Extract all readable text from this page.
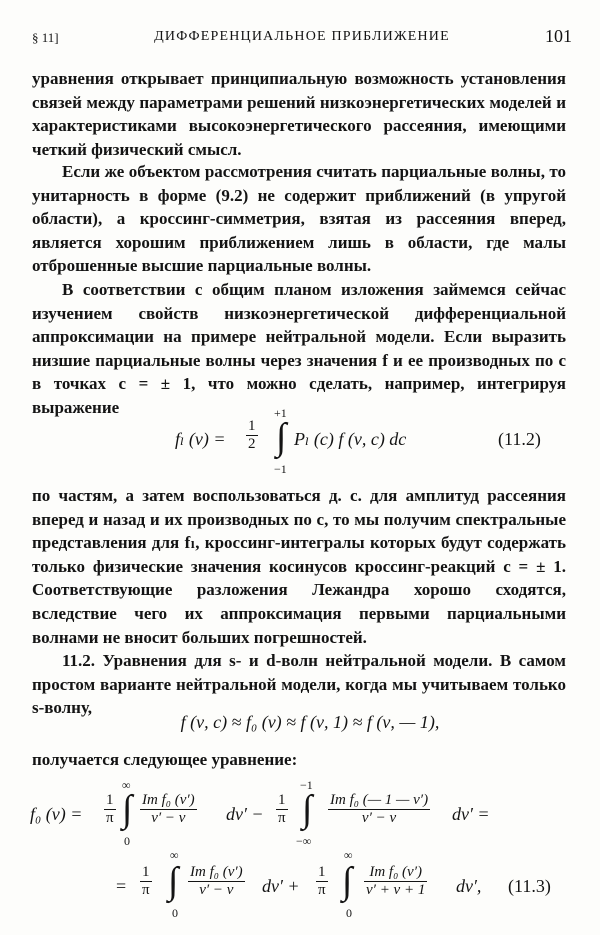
§ 11]	ДИФФЕРЕНЦИАЛЬНОЕ ПРИБЛИЖЕНИЕ	101
уравнения открывает принципиальную возможность установления связей между параметрами решений низкоэнергетических моделей и характеристиками высокоэнергетического рассеяния, имеющими четкий физический смысл.
Если же объектом рассмотрения считать парциальные волны, то унитарность в форме (9.2) не содержит приближений (в упругой области), а кроссинг-симметрия, взятая из рассеяния вперед, является хорошим приближением лишь в области, где малы отброшенные высшие парциальные волны.
В соответствии с общим планом изложения займемся сейчас изучением свойств низкоэнергетической дифференциальной аппроксимации на примере нейтральной модели. Если выразить низшие парциальные волны через значения f и ее производных по c в точках c = ± 1, что можно сделать, например, интегрируя выражение
fₗ $(\nu) = \frac{1}{2}$
+1
∫
−1
Pₗ (c) f (ν, c) dc	(11.2)
по частям, а затем воспользоваться д. с. для амплитуд рассеяния вперед и назад и их производных по c, то мы получим спектральные представления для fₗ, кроссинг-интегралы которых будут содержать только физические значения косинусов кроссинг-реакций c = ± 1. Соответствующие разложения Лежандра хорошо сходятся, вследствие чего их аппроксимация первыми парциальными волнами не вносит больших погрешностей.
11.2. Уравнения для s- и d-волн нейтральной модели. В самом простом варианте нейтральной модели, когда мы учитываем только s-волну,
f (ν, c) ≈ f₀ (ν) ≈ f (ν, 1) ≈ f (ν, — 1),
получается следующее уравнение:
f₀ $(\nu) = \frac{1}{\pi}$
∞
∫
0
$\frac{\text{Im f₀ (ν′)}}{\nu' - \nu} d\nu' - \frac{1}{\pi}$
−1
∫
−∞
$\frac{\text{Im f₀ (— 1 — ν′)}}{\nu' - \nu} d\nu'$ =
= $\frac{1}{\pi}$
∞
∫
0
$\frac{\text{Im f₀ (ν′)}}{\nu' - \nu} d\nu' + \frac{1}{\pi}$
∞
∫
0
$\frac{\text{Im f₀ (ν′)}}{\nu' + \nu + 1} d\nu'$, (11.3)
